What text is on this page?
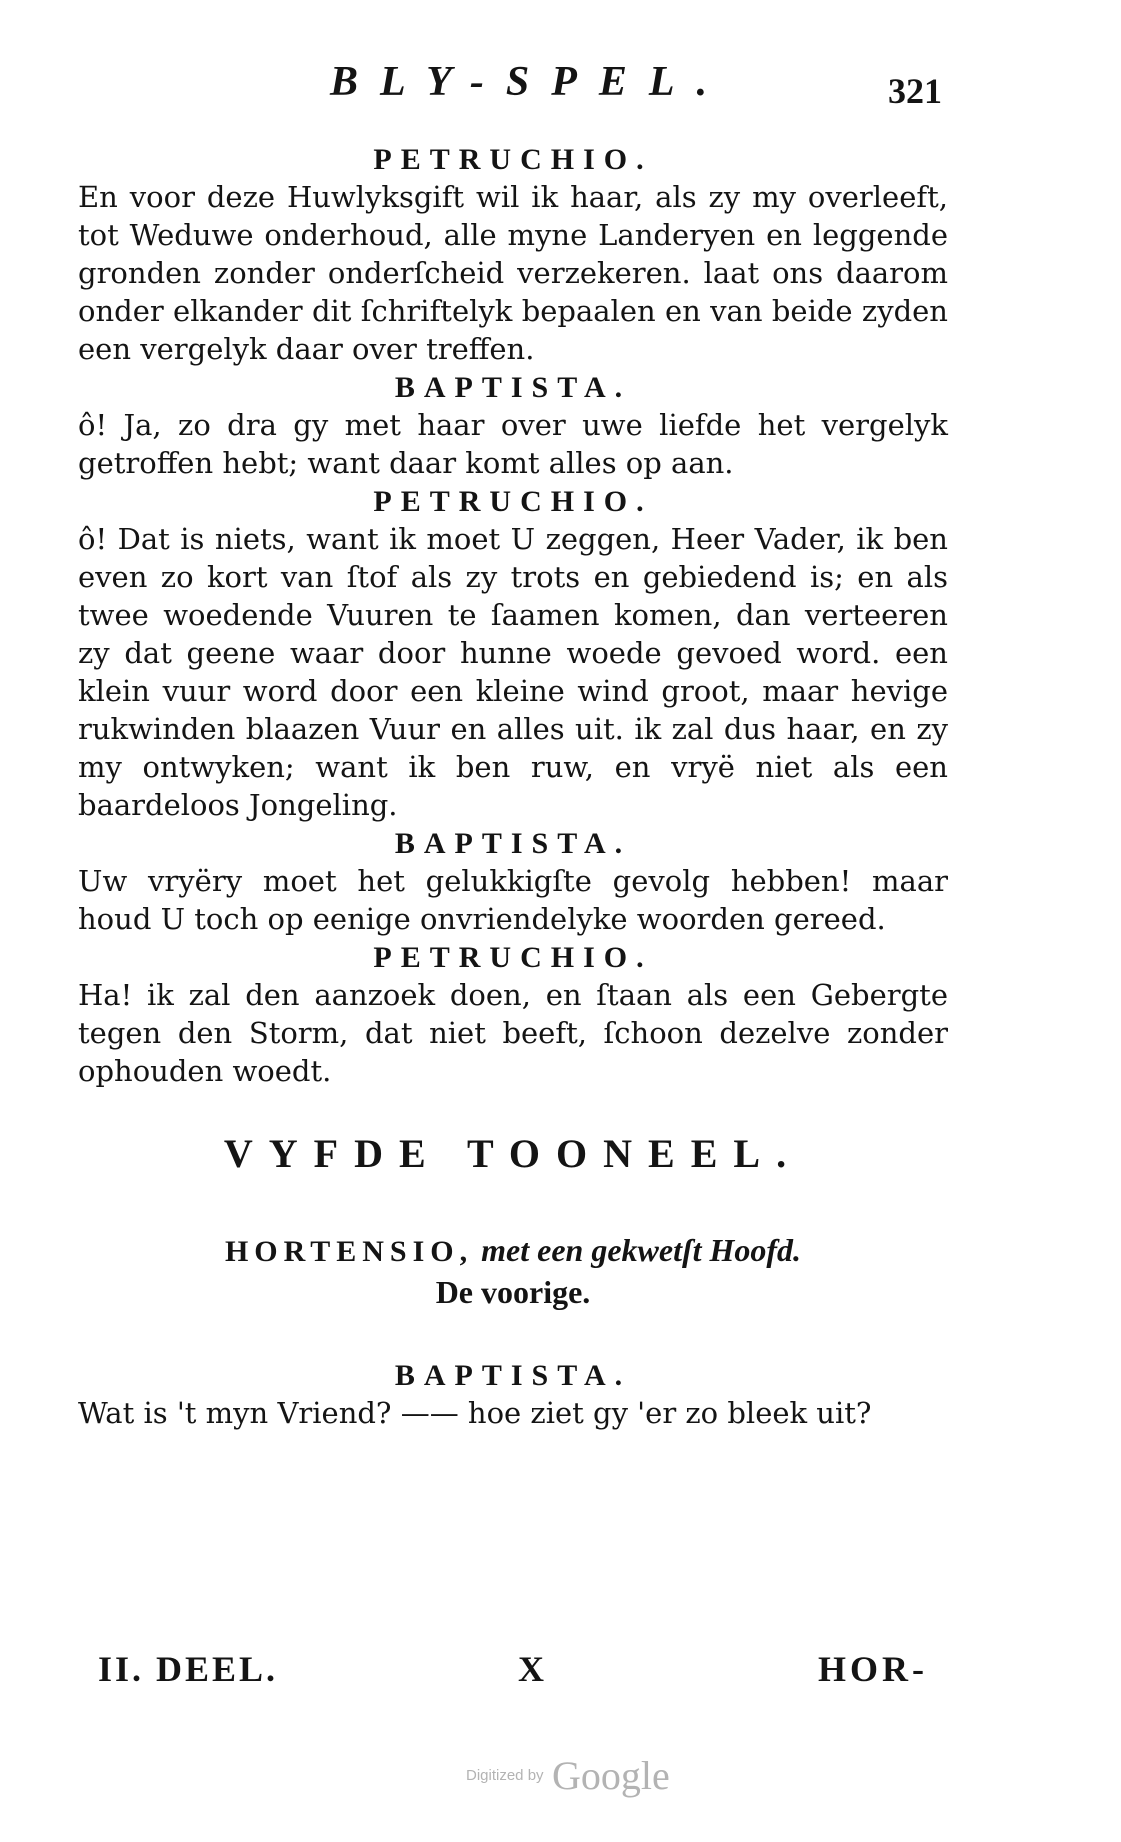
BLY-SPEL.	321
PETRUCHIO.

En voor deze Huwlyksgift wil ik haar, als zy my overleeft, tot Weduwe onderhoud, alle myne Landeryen en leggende gronden zonder onderſcheid verzekeren. laat ons daarom onder elkander dit ſchriftelyk bepaalen en van beide zyden een vergelyk daar over treffen.

BAPTISTA.

ô! Ja, zo dra gy met haar over uwe liefde het vergelyk getroffen hebt; want daar komt alles op aan.

PETRUCHIO.

ô! Dat is niets, want ik moet U zeggen, Heer Vader, ik ben even zo kort van ſtof als zy trots en gebiedend is; en als twee woedende Vuuren te ſaamen komen, dan verteeren zy dat geene waar door hunne woede gevoed word. een klein vuur word door een kleine wind groot, maar hevige rukwinden blaazen Vuur en alles uit. ik zal dus haar, en zy my ontwyken; want ik ben ruw, en vryë niet als een baardeloos Jongeling.

BAPTISTA.

Uw vryëry moet het gelukkigſte gevolg hebben! maar houd U toch op eenige onvriendelyke woorden gereed.

PETRUCHIO.

Ha! ik zal den aanzoek doen, en ſtaan als een Gebergte tegen den Storm, dat niet beeft, ſchoon dezelve zonder ophouden woedt.

VYFDE TOONEEL.
HORTENSIO, met een gekwetſt Hoofd.
De voorige.
BAPTISTA.

Wat is 't myn Vriend? —— hoe ziet gy 'er zo bleek uit?

II. DEEL.	X	HOR-
Digitized by Google
